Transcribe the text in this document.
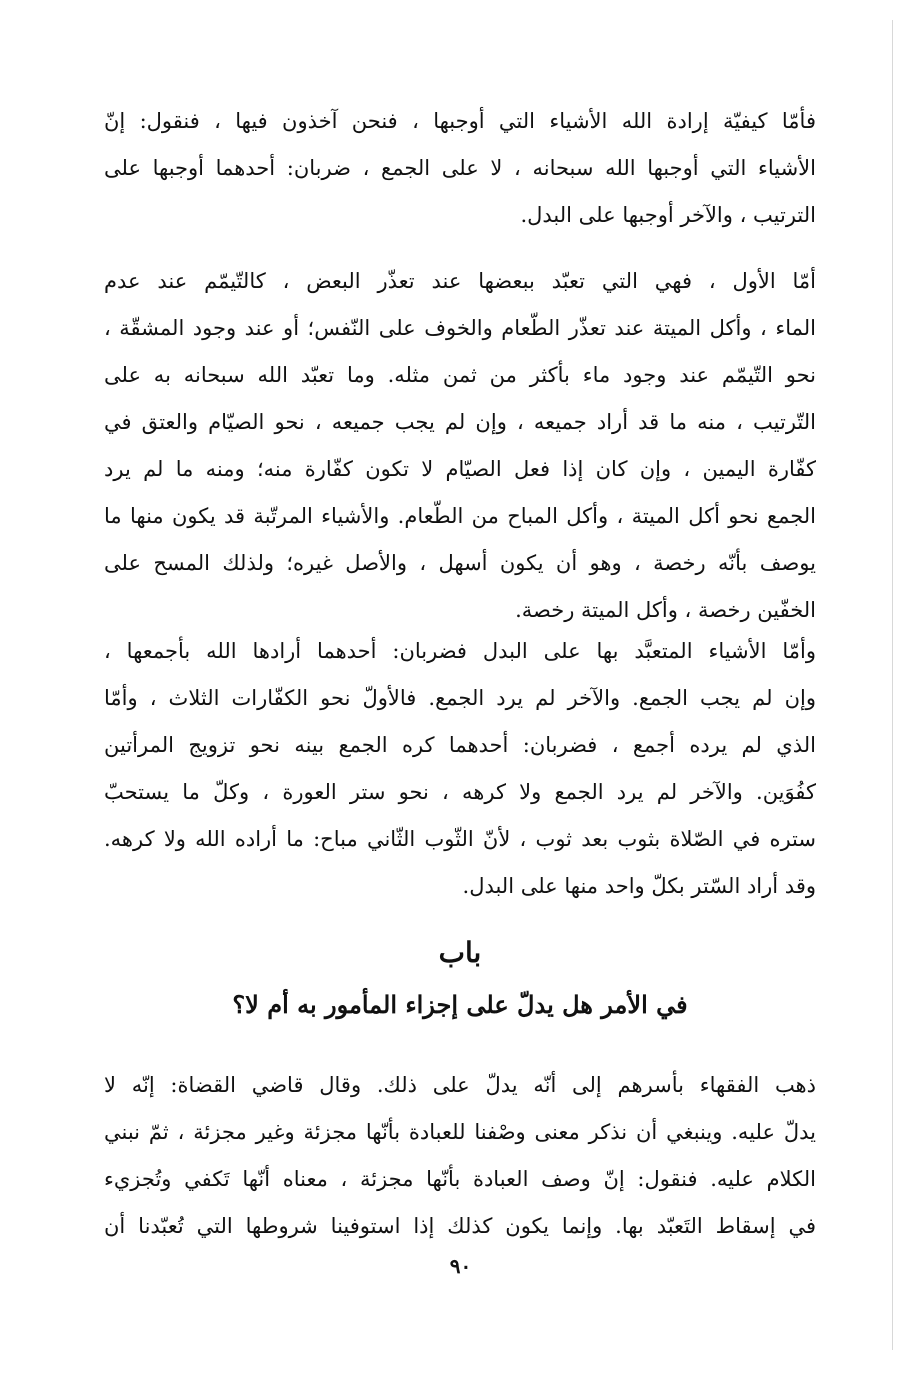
فأمّا كيفيّة إرادة الله الأشياء التي أوجبها ، فنحن آخذون فيها ، فنقول: إنّ
الأشياء التي أوجبها الله سبحانه ، لا على الجمع ، ضربان: أحدهما أوجبها على
الترتيب ، والآخر أوجبها على البدل.
أمّا الأول ، فهي التي تعبّد ببعضها عند تعذّر البعض ، كالتّيمّم عند عدم
الماء ، وأكل الميتة عند تعذّر الطّعام والخوف على النّفس؛ أو عند وجود المشقّة ،
نحو التّيمّم عند وجود ماء بأكثر من ثمن مثله. وما تعبّد الله سبحانه به على
التّرتيب ، منه ما قد أراد جميعه ، وإن لم يجب جميعه ، نحو الصيّام والعتق في
كفّارة اليمين ، وإن كان إذا فعل الصيّام لا تكون كفّارة منه؛ ومنه ما لم يرد
الجمع نحو أكل الميتة ، وأكل المباح من الطّعام. والأشياء المرتّبة قد يكون منها ما
يوصف بأنّه رخصة ، وهو أن يكون أسهل ، والأصل غيره؛ ولذلك المسح على
الخفّين رخصة ، وأكل الميتة رخصة.
وأمّا الأشياء المتعبَّد بها على البدل فضربان: أحدهما أرادها الله بأجمعها ،
وإن لم يجب الجمع. والآخر لم يرد الجمع. فالأولّ نحو الكفّارات الثلاث ، وأمّا
الذي لم يرده أجمع ، فضربان: أحدهما كره الجمع بينه نحو تزويج المرأتين
كفُوَين. والآخر لم يرد الجمع ولا كرهه ، نحو ستر العورة ، وكلّ ما يستحبّ
ستره في الصّلاة بثوب بعد ثوب ، لأنّ الثّوب الثّاني مباح: ما أراده الله ولا كرهه.
وقد أراد السّتر بكلّ واحد منها على البدل.
باب
في الأمر هل يدلّ على إجزاء المأمور به أم لا؟
ذهب الفقهاء بأسرهم إلى أنّه يدلّ على ذلك. وقال قاضي القضاة: إنّه لا
يدلّ عليه. وينبغي أن نذكر معنى وصْفنا للعبادة بأنّها مجزئة وغير مجزئة ، ثمّ نبني
الكلام عليه. فنقول: إنّ وصف العبادة بأنّها مجزئة ، معناه أنّها تَكفي وتُجزيء
في إسقاط التَعبّد بها. وإنما يكون كذلك إذا استوفينا شروطها التي تُعبّدنا أن
٩٠
